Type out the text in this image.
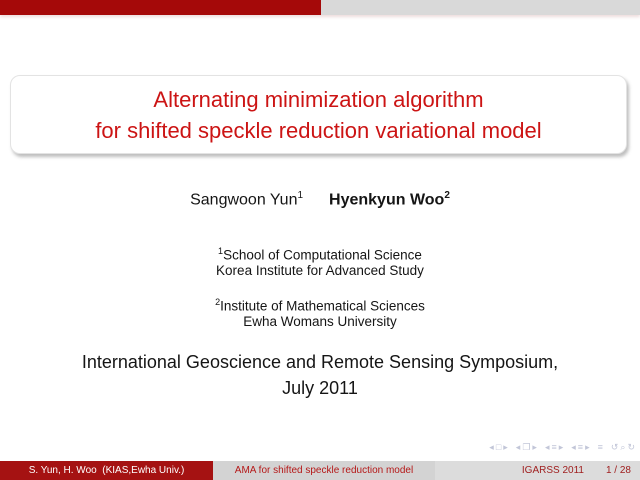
Alternating minimization algorithm
for shifted speckle reduction variational model
Sangwoon Yun$^1$ Hyenkyun Woo$^2$
$^1$School of Computational Science
Korea Institute for Advanced Study
$^2$Institute of Mathematical Sciences
Ewha Womans University
International Geoscience and Remote Sensing Symposium,
July 2011
◂ □ ▸ ◂ ❐ ▸ ◂ ≡ ▸ ◂ ≡ ▸ ≡ ↺ ⌕ ↻
S. Yun, H. Woo  (KIAS,Ewha Univ.)	AMA for shifted speckle reduction model	IGARSS 2011 1 / 28
